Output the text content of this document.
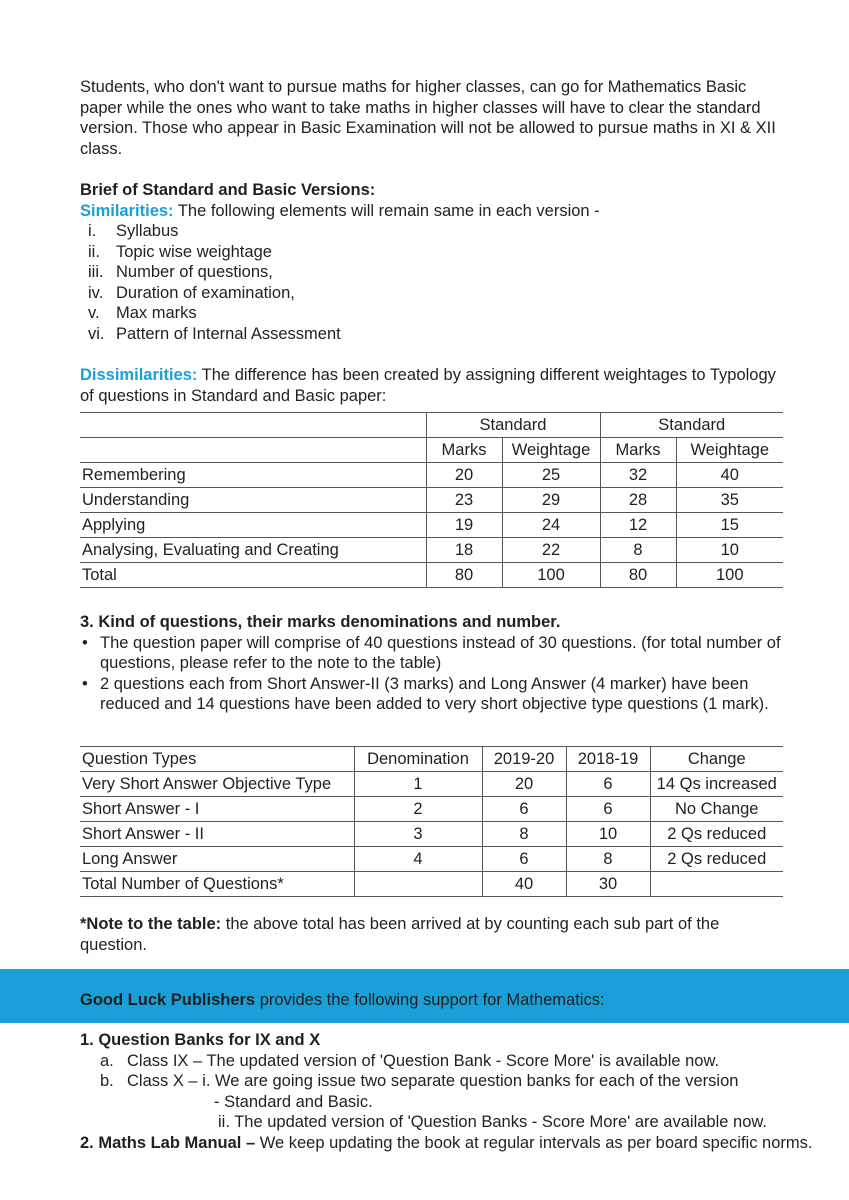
Students, who don't want to pursue maths for higher classes, can go for Mathematics Basic paper while the ones who want to take maths in higher classes will have to clear the standard version. Those who appear in Basic Examination will not be allowed to pursue maths in XI & XII class.

Brief of Standard and Basic Versions:

Similarities: The following elements will remain same in each version -

i.	Syllabus
ii. Topic wise weightage
iii. Number of questions,
iv. Duration of examination,
v. Max marks
vi. Pattern of Internal Assessment

Dissimilarities: The difference has been created by assigning different weightages to Typology of questions in Standard and Basic paper:

	Standard		Standard	
	Marks	Weightage	Marks	Weightage
Remembering	20	25	32	40
Understanding	23	29	28	35
Applying	19	24	12	15
Analysing, Evaluating and Creating	18	22	8	10
Total	80	100	80	100

3. Kind of questions, their marks denominations and number.

• The question paper will comprise of 40 questions instead of 30 questions. (for total number of questions, please refer to the note to the table)
• 2 questions each from Short Answer-II (3 marks) and Long Answer (4 marker) have been reduced and 14 questions have been added to very short objective type questions (1 mark).
Question Types	Denomination	2019-20	2018-19	Change
Very Short Answer Objective Type	1	20	6	14 Qs increased
Short Answer - I	2	6	6	No Change
Short Answer - II	3	8	10	2 Qs reduced
Long Answer	4	6	8	2 Qs reduced
Total Number of Questions*		40	30	

*Note to the table: the above total has been arrived at by counting each sub part of the question.

Good Luck Publishers provides the following support for Mathematics:

1. Question Banks for IX and X

a. Class IX – The updated version of 'Question Bank - Score More' is available now.
b. Class X – i. We are going issue two separate question banks for each of the version

- Standard and Basic.

ii. The updated version of 'Question Banks - Score More' are available now.

2. Maths Lab Manual – We keep updating the book at regular intervals as per board specific norms.
